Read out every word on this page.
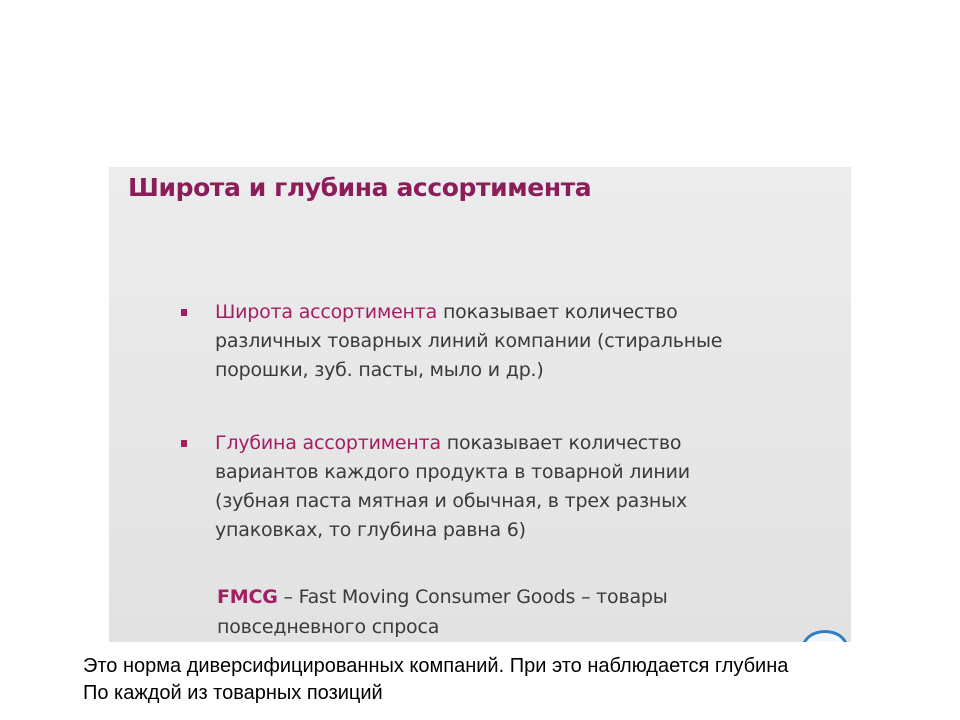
Широта и глубина ассортимента
Широта ассортимента показывает количество
различных товарных линий компании (стиральные
порошки, зуб. пасты, мыло и др.)
Глубина ассортимента показывает количество
вариантов каждого продукта в товарной линии
(зубная паста мятная и обычная, в трех разных
упаковках, то глубина равна 6)
FMCG – Fast Moving Consumer Goods – товары
повседневного спроса
Это норма диверсифицированных компаний. При это наблюдается глубина
По каждой из товарных позиций
